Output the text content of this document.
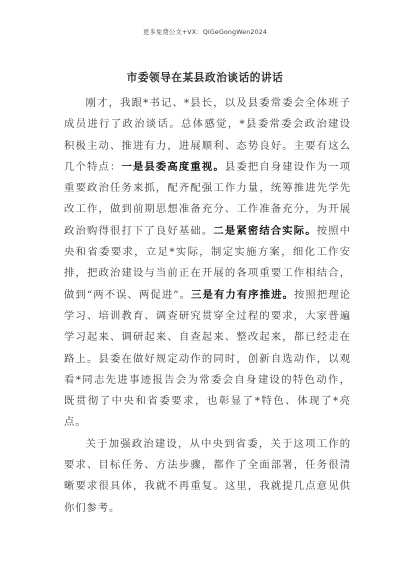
更多免费公文+VX：QiGeGongWen2024
市委领导在某县政治谈话的讲话

刚才，我跟*书记、*县长，以及县委常委会全体班子成员进行了政治谈话。总体感觉，*县委常委会政治建设积极主动、推进有力，进展顺利、态势良好。主要有这么几个特点：一是县委高度重视。县委把自身建设作为一项重要政治任务来抓，配齐配强工作力量，统筹推进先学先改工作，做到前期思想准备充分、工作准备充分，为开展政治购得很打下了良好基础。二是紧密结合实际。按照中央和省委要求，立足*实际，制定实施方案，细化工作安排，把政治建设与当前正在开展的各项重要工作相结合，做到“两不误、两促进”。三是有力有序推进。按照把理论学习、培训教育、调查研究贯穿全过程的要求，大家普遍学习起来、调研起来、自查起来、整改起来，都已经走在路上。县委在做好规定动作的同时，创新自选动作，以观看*同志先进事迹报告会为常委会自身建设的特色动作，既贯彻了中央和省委要求，也彰显了*特色、体现了*亮点。

关于加强政治建设，从中央到省委，关于这项工作的要求、目标任务、方法步骤，都作了全面部署，任务很清晰要求很具体，我就不再重复。这里，我就提几点意见供你们参考。
